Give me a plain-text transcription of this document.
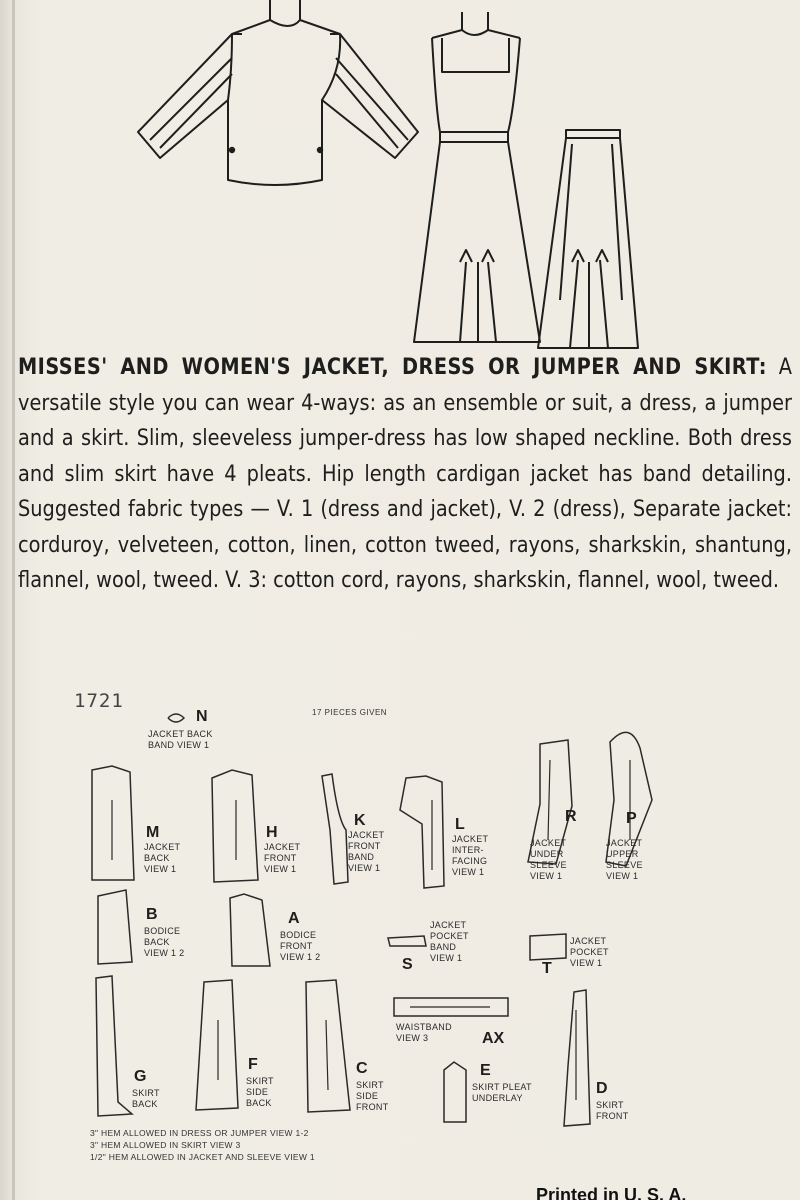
MISSES' AND WOMEN'S JACKET, DRESS OR JUMPER AND SKIRT: A versatile style you can wear 4-ways: as an ensemble or suit, a dress, a jumper and a skirt. Slim, sleeveless jumper-dress has low shaped neckline. Both dress and slim skirt have 4 pleats. Hip length cardigan jacket has band detailing. Suggested fabric types — V. 1 (dress and jacket), V. 2 (dress), Separate jacket: corduroy, velveteen, cotton, linen, cotton tweed, rayons, sharkskin, shantung, flannel, wool, tweed. V. 3: cotton cord, rayons, sharkskin, flannel, wool, tweed.
1721
17 PIECES GIVEN
N
JACKET BACK BAND VIEW 1
M
JACKET BACK VIEW 1
H
JACKET FRONT VIEW 1
K
JACKET FRONT BAND VIEW 1
L
JACKET INTER-FACING VIEW 1
R
JACKET UNDER SLEEVE VIEW 1
P
JACKET UPPER SLEEVE VIEW 1
B
BODICE BACK VIEW 1 2
A
BODICE FRONT VIEW 1 2	S
JACKET POCKET BAND VIEW 1
T
JACKET POCKET VIEW 1
AX
WAISTBAND VIEW 3
G
SKIRT BACK
F
SKIRT SIDE BACK
C
SKIRT SIDE FRONT
E
SKIRT PLEAT UNDERLAY
D
SKIRT FRONT
3" HEM ALLOWED IN DRESS OR JUMPER VIEW 1-2
3" HEM ALLOWED IN SKIRT VIEW 3
1/2" HEM ALLOWED IN JACKET AND SLEEVE VIEW 1
Printed in U. S. A.
